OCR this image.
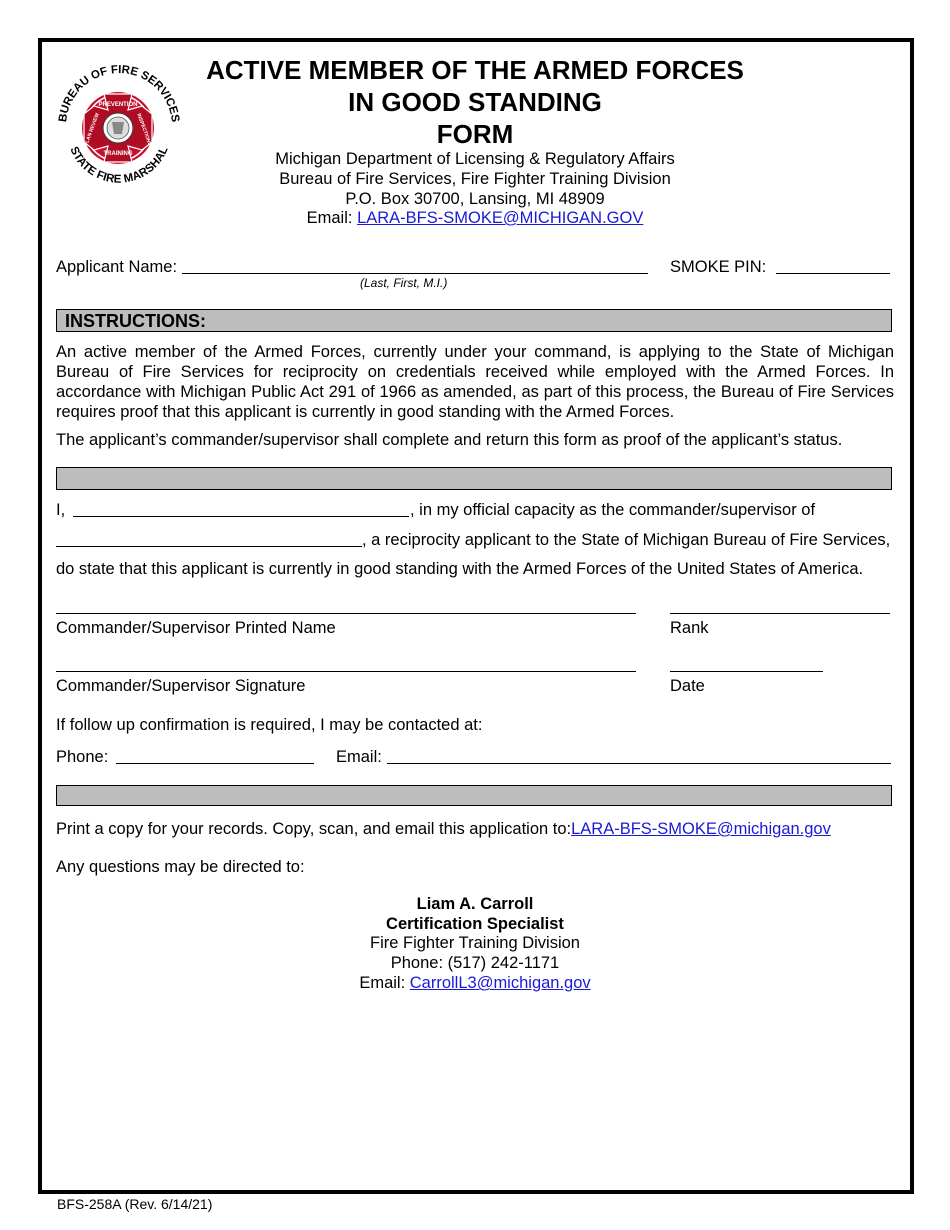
BUREAU OF FIRE SERVICES
STATE FIRE MARSHAL
PREVENTION
TRAINING
PLAN REVIEW	INSPECTIONS
ACTIVE MEMBER OF THE ARMED FORCES
IN GOOD STANDING
FORM
Michigan Department of Licensing & Regulatory Affairs
Bureau of Fire Services, Fire Fighter Training Division
P.O. Box 30700, Lansing, MI 48909
Email: LARA-BFS-SMOKE@MICHIGAN.GOV
Applicant Name:
(Last, First, M.I.)
SMOKE PIN:
INSTRUCTIONS:
An active member of the Armed Forces, currently under your command, is applying to the State of Michigan Bureau of Fire Services for reciprocity on credentials received while employed with the Armed Forces. In accordance with Michigan Public Act 291 of 1966 as amended, as part of this process, the Bureau of Fire Services requires proof that this applicant is currently in good standing with the Armed Forces.
The applicant’s commander/supervisor shall complete and return this form as proof of the applicant’s status.
I,	, in my official capacity as the commander/supervisor of
, a reciprocity applicant to the State of Michigan Bureau of Fire Services,
do state that this applicant is currently in good standing with the Armed Forces of the United States of America.
Commander/Supervisor Printed Name	Rank
Commander/Supervisor Signature	Date
If follow up confirmation is required, I may be contacted at:
Phone:	Email:
Print a copy for your records. Copy, scan, and email this application to:LARA-BFS-SMOKE@michigan.gov
Any questions may be directed to:
Liam A. Carroll
Certification Specialist
Fire Fighter Training Division
Phone: (517) 242-1171
Email: CarrollL3@michigan.gov
BFS-258A (Rev. 6/14/21)
